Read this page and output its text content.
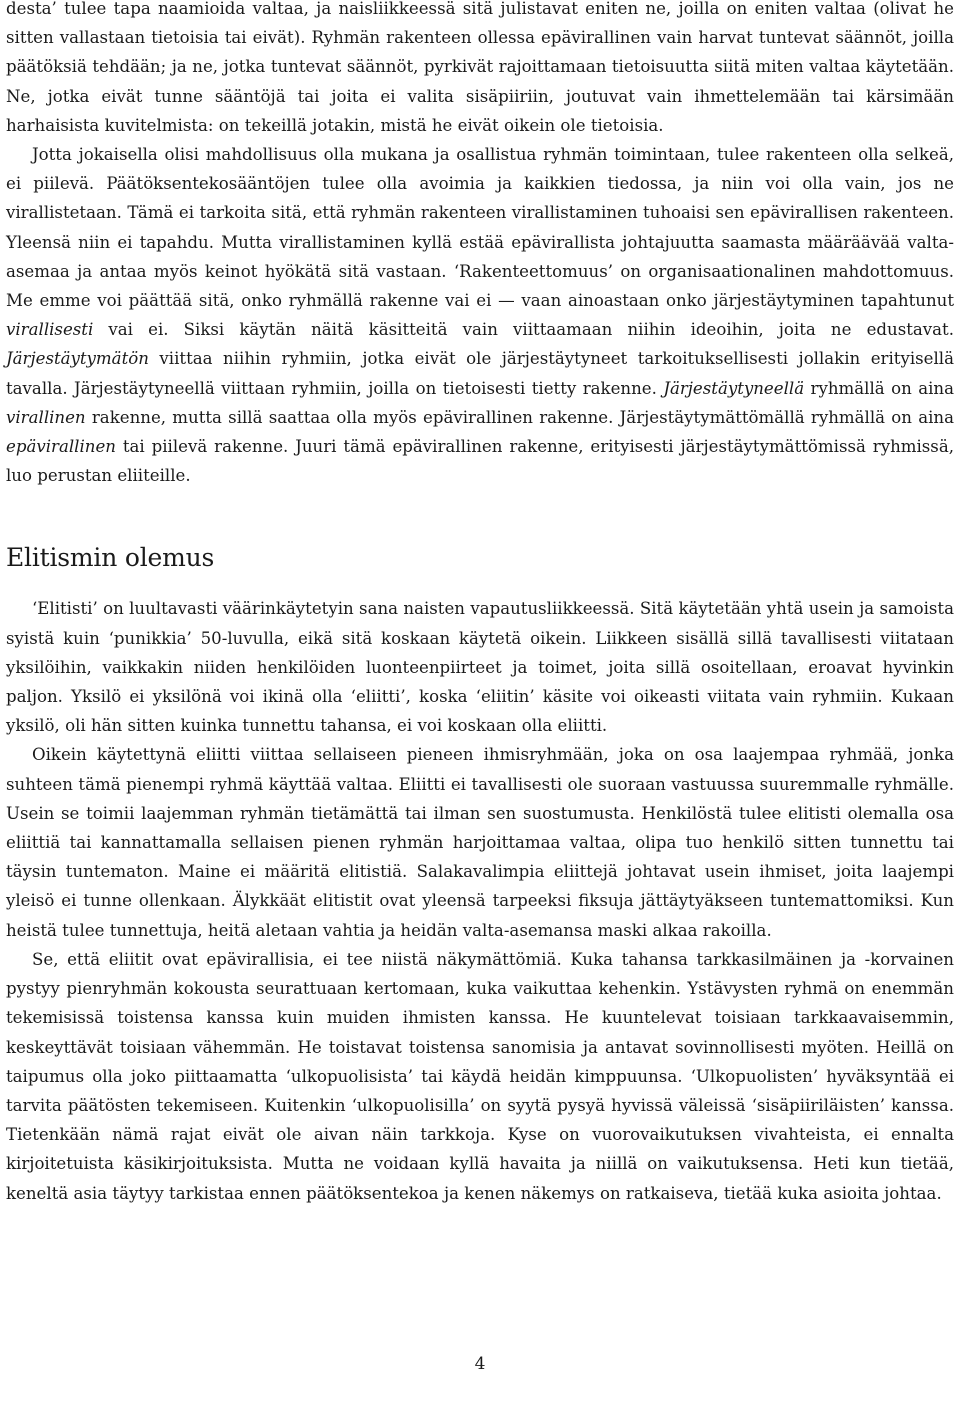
desta’ tulee tapa naamioida valtaa, ja naisliikkeessä sitä julistavat eniten ne, joilla on eniten valtaa (olivat he sitten vallastaan tietoisia tai eivät). Ryhmän rakenteen ollessa epävirallinen vain harvat tuntevat säännöt, joilla päätöksiä tehdään; ja ne, jotka tuntevat säännöt, pyrkivät rajoittamaan tietoisuutta siitä miten valtaa käytetään. Ne, jotka eivät tunne sääntöjä tai joita ei valita sisäpiiriin, joutuvat vain ihmettelemään tai kärsimään harhaisista kuvitelmista: on tekeillä jotakin, mistä he eivät oikein ole tietoisia.

Jotta jokaisella olisi mahdollisuus olla mukana ja osallistua ryhmän toimintaan, tulee rakenteen olla selkeä, ei piilevä. Päätöksentekosääntöjen tulee olla avoimia ja kaikkien tiedossa, ja niin voi olla vain, jos ne virallistetaan. Tämä ei tarkoita sitä, että ryhmän rakenteen virallistaminen tuhoaisi sen epävirallisen rakenteen. Yleensä niin ei tapahdu. Mutta virallistaminen kyllä estää epävirallista johtajuutta saamasta määräävää valta-asemaa ja antaa myös keinot hyökätä sitä vastaan. ‘Rakenteettomuus’ on organisaationalinen mahdottomuus. Me emme voi päättää sitä, onko ryhmällä rakenne vai ei — vaan ainoastaan onko järjestäytyminen tapahtunut virallisesti vai ei. Siksi käytän näitä käsitteitä vain viittaamaan niihin ideoihin, joita ne edustavat. Järjestäytymätön viittaa niihin ryhmiin, jotka eivät ole järjestäytyneet tarkoituksellisesti jollakin erityisellä tavalla. Järjestäytyneellä viittaan ryhmiin, joilla on tietoisesti tietty rakenne. Järjestäytyneellä ryhmällä on aina virallinen rakenne, mutta sillä saattaa olla myös epävirallinen rakenne. Järjestäytymättömällä ryhmällä on aina epävirallinen tai piilevä rakenne. Juuri tämä epävirallinen rakenne, erityisesti järjestäytymättömissä ryhmissä, luo perustan eliiteille.

Elitismin olemus

‘Elitisti’ on luultavasti väärinkäytetyin sana naisten vapautusliikkeessä. Sitä käytetään yhtä usein ja samoista syistä kuin ‘punikkia’ 50-luvulla, eikä sitä koskaan käytetä oikein. Liikkeen sisällä sillä tavallisesti viitataan yksilöihin, vaikkakin niiden henkilöiden luonteenpiirteet ja toimet, joita sillä osoitellaan, eroavat hyvinkin paljon. Yksilö ei yksilönä voi ikinä olla ‘eliitti’, koska ‘eliitin’ käsite voi oikeasti viitata vain ryhmiin. Kukaan yksilö, oli hän sitten kuinka tunnettu tahansa, ei voi koskaan olla eliitti.

Oikein käytettynä eliitti viittaa sellaiseen pieneen ihmisryhmään, joka on osa laajempaa ryhmää, jonka suhteen tämä pienempi ryhmä käyttää valtaa. Eliitti ei tavallisesti ole suoraan vastuussa suuremmalle ryhmälle. Usein se toimii laajemman ryhmän tietämättä tai ilman sen suostumusta. Henkilöstä tulee elitisti olemalla osa eliittiä tai kannattamalla sellaisen pienen ryhmän harjoittamaa valtaa, olipa tuo henkilö sitten tunnettu tai täysin tuntematon. Maine ei määritä elitistiä. Salakavalimpia eliittejä johtavat usein ihmiset, joita laajempi yleisö ei tunne ollenkaan. Älykkäät elitistit ovat yleensä tarpeeksi fiksuja jättäytyäkseen tuntemattomiksi. Kun heistä tulee tunnettuja, heitä aletaan vahtia ja heidän valta-asemansa maski alkaa rakoilla.

Se, että eliitit ovat epävirallisia, ei tee niistä näkymättömiä. Kuka tahansa tarkkasilmäinen ja -korvainen pystyy pienryhmän kokousta seurattuaan kertomaan, kuka vaikuttaa kehenkin. Ystävysten ryhmä on enemmän tekemisissä toistensa kanssa kuin muiden ihmisten kanssa. He kuuntelevat toisiaan tarkkaavaisemmin, keskeyttävät toisiaan vähemmän. He toistavat toistensa sanomisia ja antavat sovinnollisesti myöten. Heillä on taipumus olla joko piittaamatta ‘ulkopuolisista’ tai käydä heidän kimppuunsa. ‘Ulkopuolisten’ hyväksyntää ei tarvita päätösten tekemiseen. Kuitenkin ‘ulkopuolisilla’ on syytä pysyä hyvissä väleissä ‘sisäpiiriläisten’ kanssa. Tietenkään nämä rajat eivät ole aivan näin tarkkoja. Kyse on vuorovaikutuksen vivahteista, ei ennalta kirjoitetuista käsikirjoituksista. Mutta ne voidaan kyllä havaita ja niillä on vaikutuksensa. Heti kun tietää, keneltä asia täytyy tarkistaa ennen päätöksentekoa ja kenen näkemys on ratkaiseva, tietää kuka asioita johtaa.

4
